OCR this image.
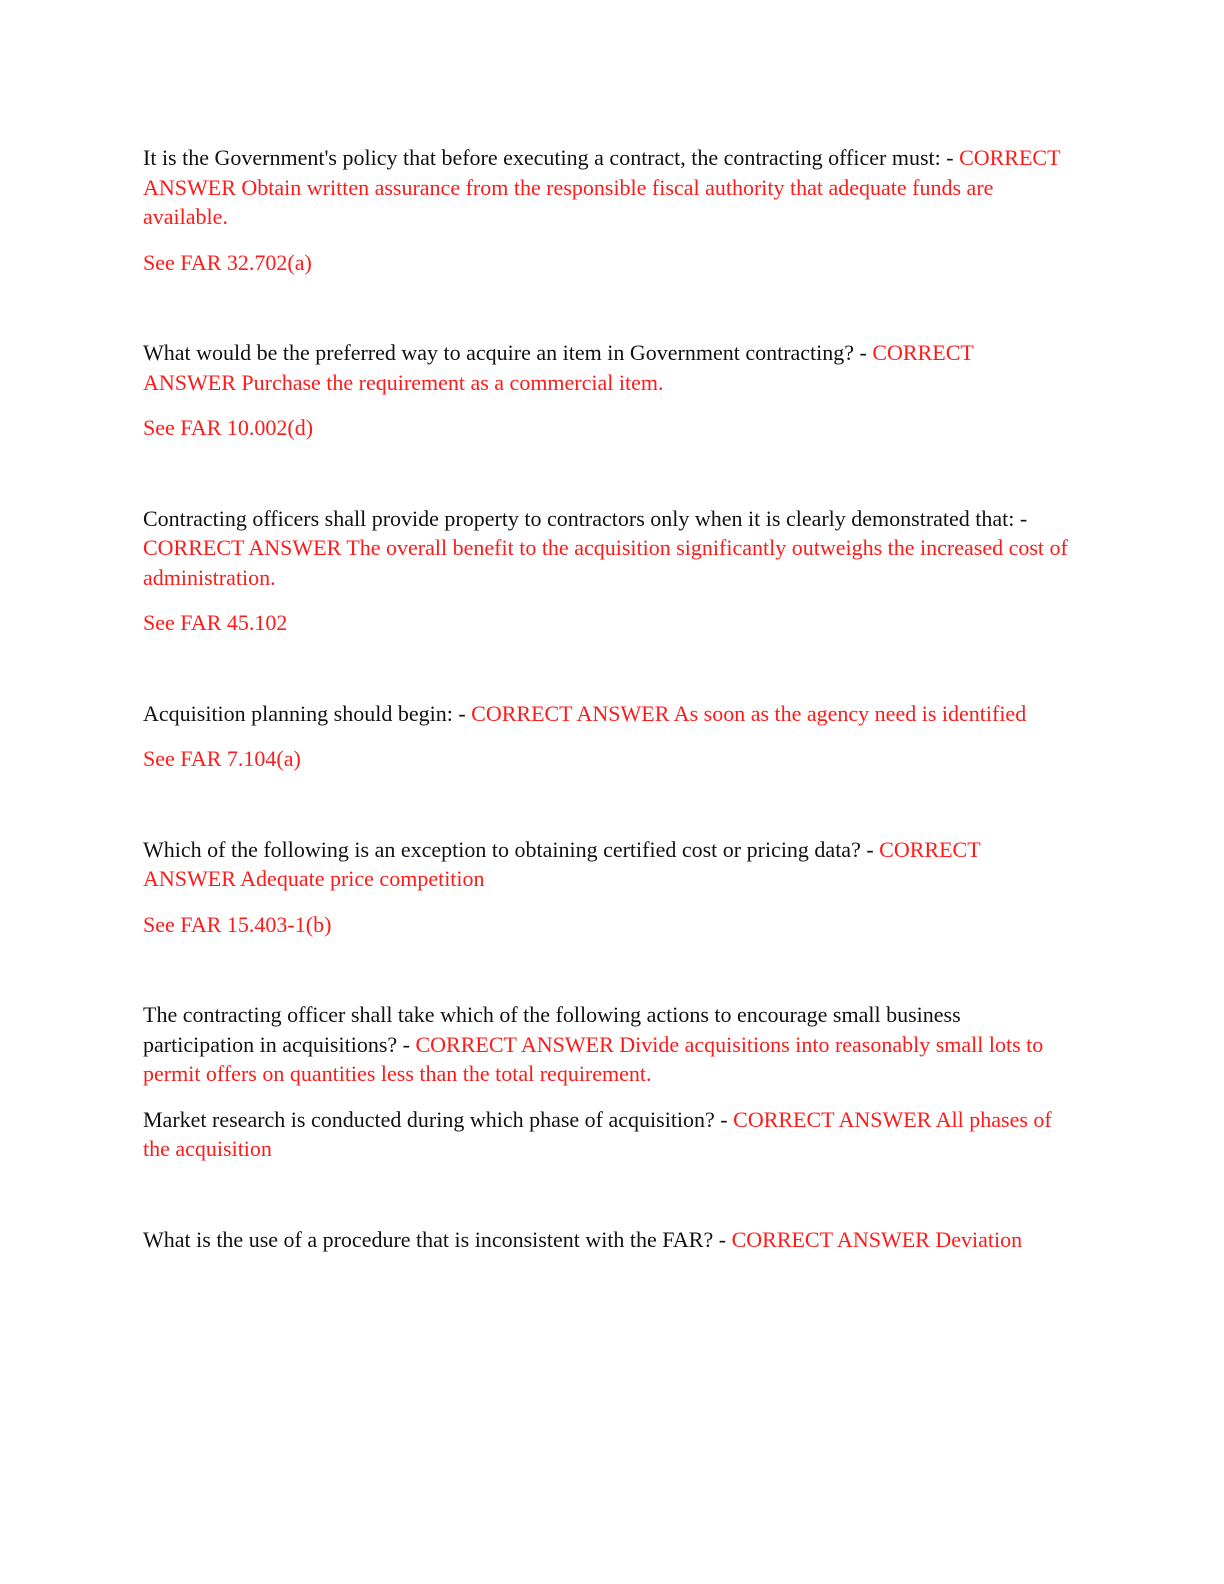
It is the Government's policy that before executing a contract, the contracting officer must: - CORRECT ANSWER Obtain written assurance from the responsible fiscal authority that adequate funds are available.

See FAR 32.702(a)

What would be the preferred way to acquire an item in Government contracting? - CORRECT ANSWER Purchase the requirement as a commercial item.

See FAR 10.002(d)

Contracting officers shall provide property to contractors only when it is clearly demonstrated that: - CORRECT ANSWER The overall benefit to the acquisition significantly outweighs the increased cost of administration.

See FAR 45.102

Acquisition planning should begin: - CORRECT ANSWER As soon as the agency need is identified

See FAR 7.104(a)

Which of the following is an exception to obtaining certified cost or pricing data? - CORRECT ANSWER Adequate price competition

See FAR 15.403-1(b)

The contracting officer shall take which of the following actions to encourage small business participation in acquisitions? - CORRECT ANSWER Divide acquisitions into reasonably small lots to permit offers on quantities less than the total requirement.

Market research is conducted during which phase of acquisition? - CORRECT ANSWER All phases of the acquisition

What is the use of a procedure that is inconsistent with the FAR? - CORRECT ANSWER Deviation
